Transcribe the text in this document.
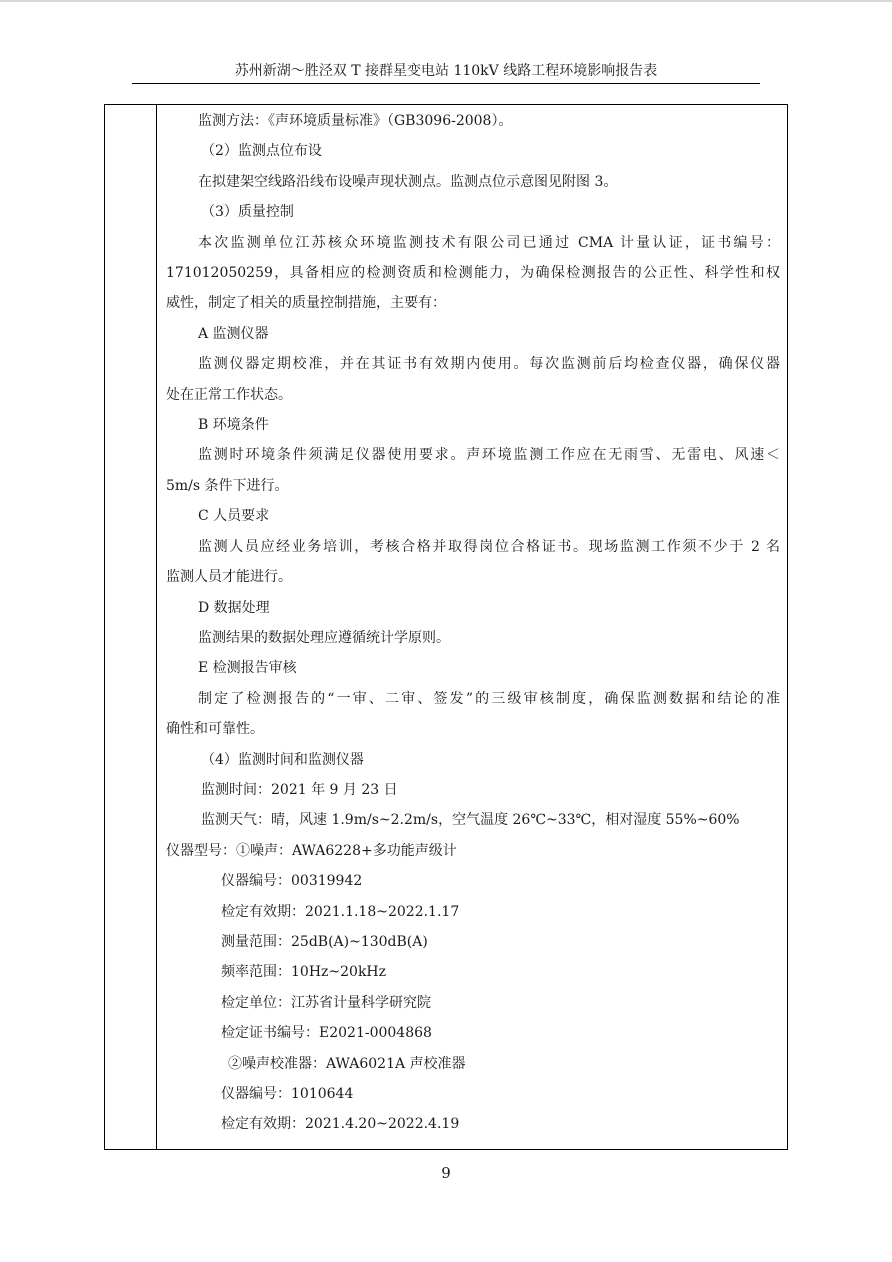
苏州新湖～胜泾双 T 接群星变电站 110kV 线路工程环境影响报告表

监测方法：《声环境质量标准》（GB3096-2008）。

（2）监测点位布设

在拟建架空线路沿线布设噪声现状测点。监测点位示意图见附图 3。

（3）质量控制

本次监测单位江苏核众环境监测技术有限公司已通过 CMA 计量认证，证书编号：

171012050259，具备相应的检测资质和检测能力，为确保检测报告的公正性、科学性和权

威性，制定了相关的质量控制措施，主要有：

A 监测仪器

监测仪器定期校准，并在其证书有效期内使用。每次监测前后均检查仪器，确保仪器

处在正常工作状态。

B 环境条件

监测时环境条件须满足仪器使用要求。声环境监测工作应在无雨雪、无雷电、风速＜

5m/s 条件下进行。

C 人员要求

监测人员应经业务培训，考核合格并取得岗位合格证书。现场监测工作须不少于 2 名

监测人员才能进行。

D 数据处理

监测结果的数据处理应遵循统计学原则。

E 检测报告审核

制定了检测报告的“一审、二审、签发”的三级审核制度，确保监测数据和结论的准

确性和可靠性。

（4）监测时间和监测仪器

监测时间：2021 年 9 月 23 日

监测天气：晴，风速 1.9m/s~2.2m/s，空气温度 26℃~33℃，相对湿度 55%~60%

仪器型号：①噪声：AWA6228+多功能声级计

仪器编号：00319942

检定有效期：2021.1.18~2022.1.17

测量范围：25dB(A)~130dB(A)

频率范围：10Hz~20kHz

检定单位：江苏省计量科学研究院

检定证书编号：E2021-0004868

②噪声校准器：AWA6021A 声校准器

仪器编号：1010644

检定有效期：2021.4.20~2022.4.19

9
